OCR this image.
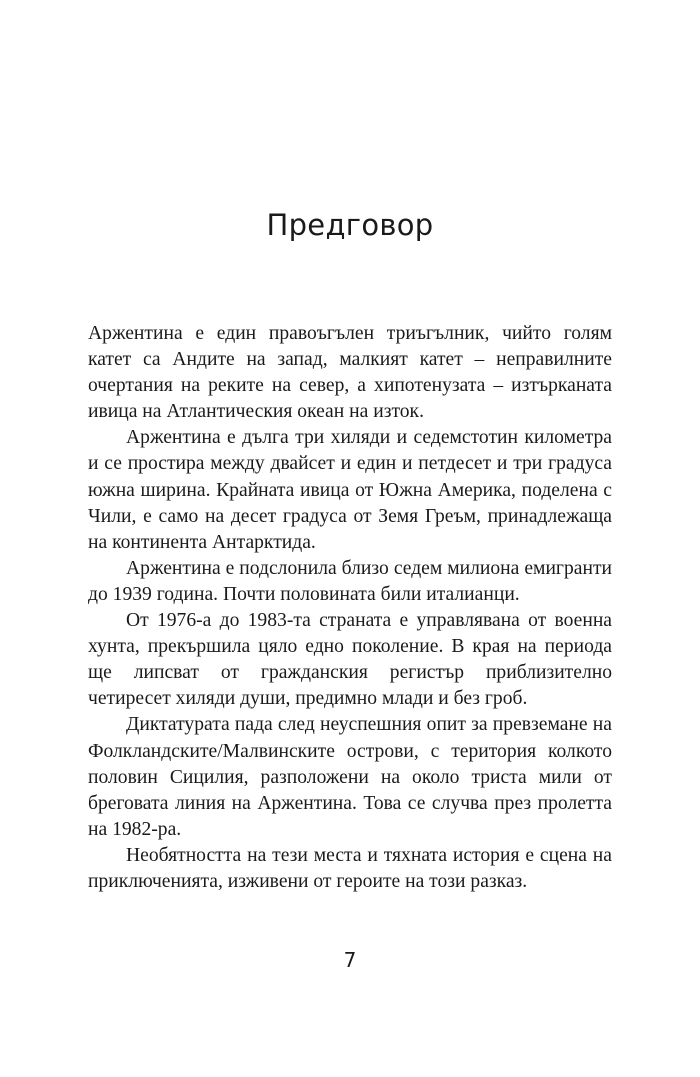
Предговор

Аржентина е един правоъгълен триъгълник, чийто голям катет са Андите на запад, малкият катет – неправилните очертания на реките на север, а хипотенузата – изтърканата ивица на Атлантическия океан на изток.

Аржентина е дълга три хиляди и седемстотин километра и се простира между двайсет и един и петдесет и три градуса южна ширина. Крайната ивица от Южна Америка, поделена с Чили, е само на десет градуса от Земя Греъм, принадлежаща на континента Антарктида.

Аржентина е подслонила близо седем милиона емигранти до 1939 година. Почти половината били италианци.

От 1976-а до 1983-та страната е управлявана от военна хунта, прекършила цяло едно поколение. В края на периода ще липсват от гражданския регистър приблизително четиресет хиляди души, предимно млади и без гроб.

Диктатурата пада след неуспешния опит за превземане на Фолкландските/Малвинските острови, с територия колкото половин Сицилия, разположени на около триста мили от бреговата линия на Аржентина. Това се случва през пролетта на 1982-ра.

Необятността на тези места и тяхната история е сцена на приключенията, изживени от героите на този разказ.

7
